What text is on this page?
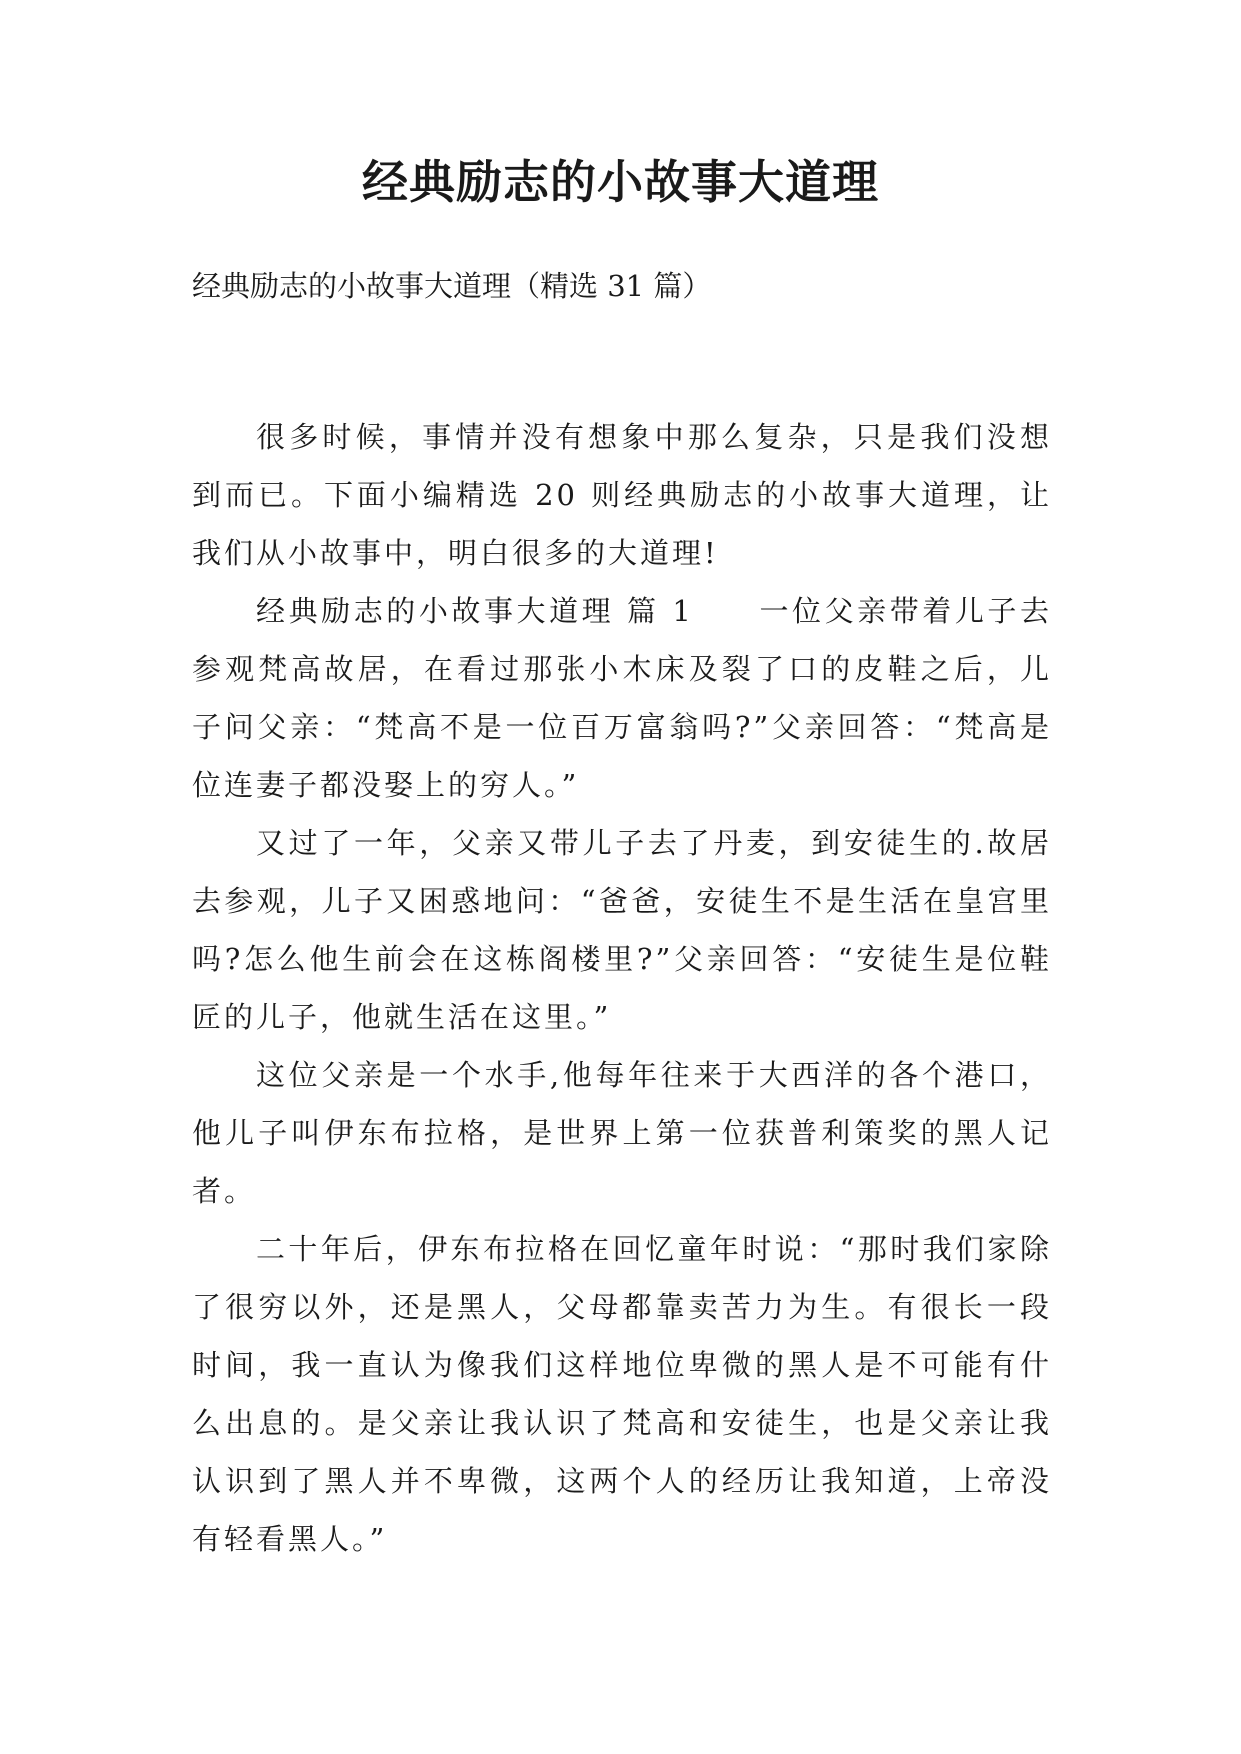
经典励志的小故事大道理

经典励志的小故事大道理（精选 31 篇）

很多时候，事情并没有想象中那么复杂，只是我们没想到而已。下面小编精选 20 则经典励志的小故事大道理，让我们从小故事中，明白很多的大道理!

经典励志的小故事大道理 篇 1　　一位父亲带着儿子去参观梵高故居，在看过那张小木床及裂了口的皮鞋之后，儿子问父亲：“梵高不是一位百万富翁吗?”父亲回答：“梵高是位连妻子都没娶上的穷人。”

又过了一年，父亲又带儿子去了丹麦，到安徒生的.故居去参观，儿子又困惑地问：“爸爸，安徒生不是生活在皇宫里吗?怎么他生前会在这栋阁楼里?”父亲回答：“安徒生是位鞋匠的儿子，他就生活在这里。”

这位父亲是一个水手,他每年往来于大西洋的各个港口，他儿子叫伊东布拉格，是世界上第一位获普利策奖的黑人记者。

二十年后，伊东布拉格在回忆童年时说：“那时我们家除了很穷以外，还是黑人，父母都靠卖苦力为生。有很长一段时间，我一直认为像我们这样地位卑微的黑人是不可能有什么出息的。是父亲让我认识了梵高和安徒生，也是父亲让我认识到了黑人并不卑微，这两个人的经历让我知道，上帝没有轻看黑人。”
